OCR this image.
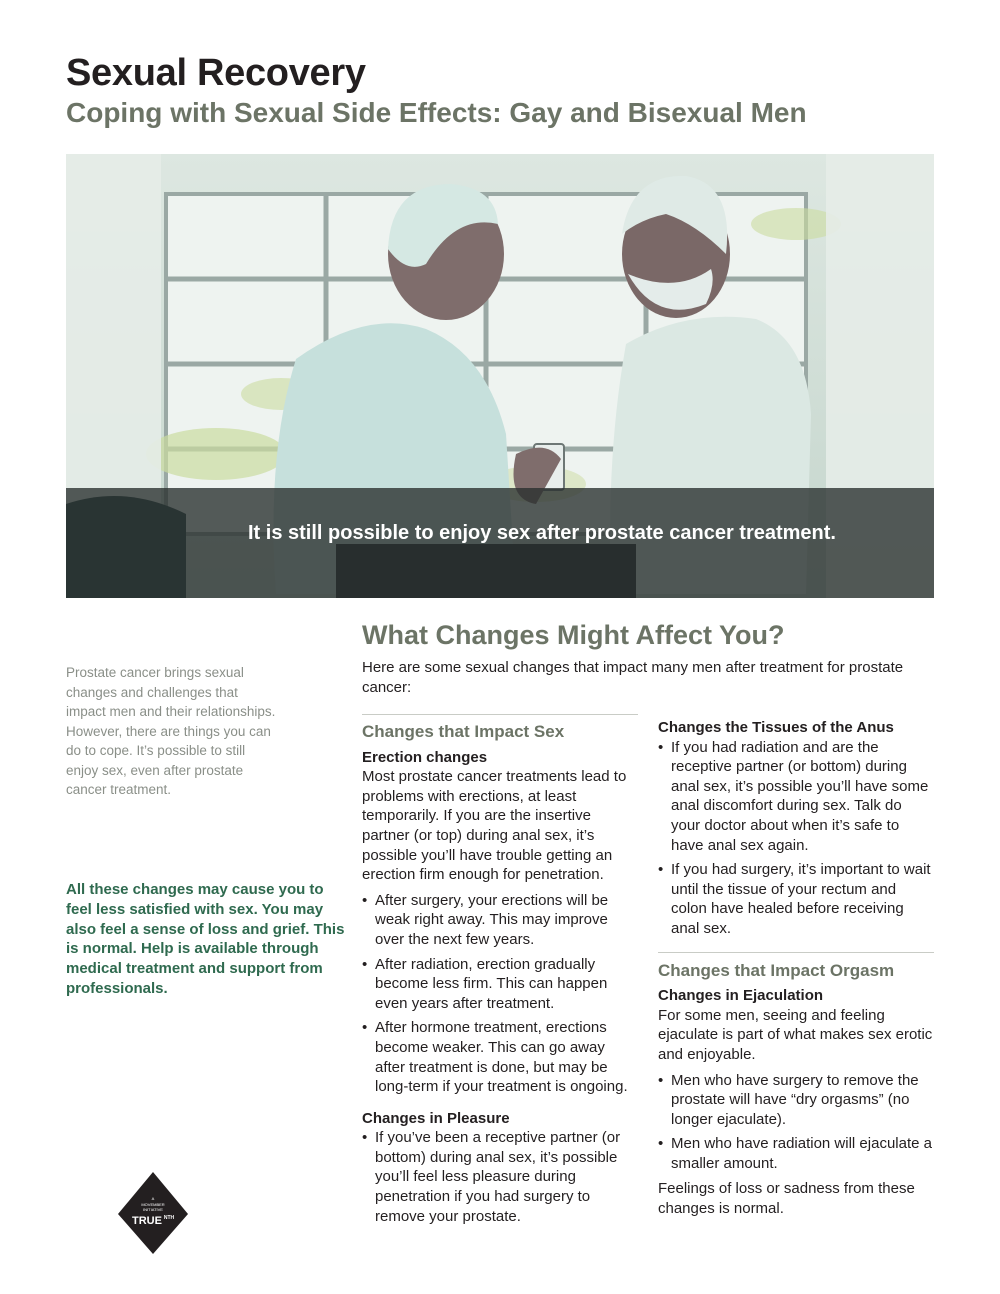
Sexual Recovery
Coping with Sexual Side Effects: Gay and Bisexual Men
It is still possible to enjoy sex after prostate cancer treatment.
Prostate cancer brings sexual changes and challenges that impact men and their relationships. However, there are things you can do to cope. It’s possible to still enjoy sex, even after prostate cancer treatment.
All these changes may cause you to feel less satisfied with sex. You may also feel a sense of loss and grief. This is normal. Help is available through medical treatment and support from professionals.
A
MOVEMBER
INITIATIVE
TRUE NTH
What Changes Might Affect You?
Here are some sexual changes that impact many men after treatment for prostate cancer:
Changes that Impact Sex
Erection changes

Most prostate cancer treatments lead to problems with erections, at least temporarily. If you are the insertive partner (or top) during anal sex, it’s possible you’ll have trouble getting an erection firm enough for penetration.

• After surgery, your erections will be weak right away. This may improve over the next few years.
• After radiation, erection gradually become less firm. This can happen even years after treatment.
• After hormone treatment, erections become weaker. This can go away after treatment is done, but may be long-term if your treatment is ongoing.
Changes in Pleasure
• If you’ve been a receptive partner (or bottom) during anal sex, it’s possible you’ll feel less pleasure during penetration if you had surgery to remove your prostate.
Changes the Tissues of the Anus
• If you had radiation and are the receptive partner (or bottom) during anal sex, it’s possible you’ll have some anal discomfort during sex. Talk do your doctor about when it’s safe to have anal sex again.
• If you had surgery, it’s important to wait until the tissue of your rectum and colon have healed before receiving anal sex.
Changes that Impact Orgasm
Changes in Ejaculation

For some men, seeing and feeling ejaculate is part of what makes sex erotic and enjoyable.

• Men who have surgery to remove the prostate will have “dry orgasms” (no longer ejaculate).
• Men who have radiation will ejaculate a smaller amount.

Feelings of loss or sadness from these changes is normal.
